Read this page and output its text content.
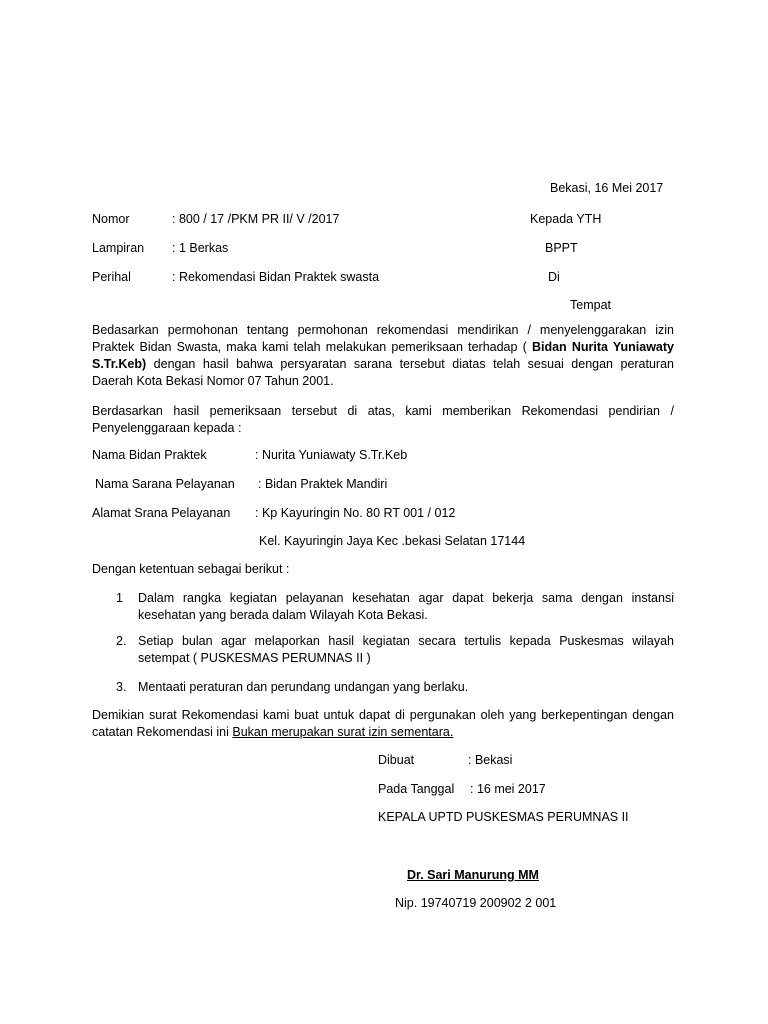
Bekasi, 16 Mei 2017
Nomor	: 800 / 17 /PKM PR II/ V /2017
Lampiran : 1 Berkas
Perihal	: Rekomendasi Bidan Praktek swasta
Kepada YTH
BPPT
Di
Tempat
Bedasarkan permohonan tentang permohonan rekomendasi mendirikan / menyelenggarakan izin Praktek Bidan Swasta, maka kami telah melakukan pemeriksaan terhadap ( Bidan Nurita Yuniawaty S.Tr.Keb) dengan hasil bahwa persyaratan sarana tersebut diatas telah sesuai dengan peraturan Daerah Kota Bekasi Nomor 07 Tahun 2001.
Berdasarkan hasil pemeriksaan tersebut di atas, kami memberikan Rekomendasi pendirian / Penyelenggaraan kepada :
Nama Bidan Praktek	: Nurita Yuniawaty S.Tr.Keb
Nama Sarana Pelayanan : Bidan Praktek Mandiri
Alamat Srana Pelayanan : Kp Kayuringin No. 80 RT 001 / 012
Kel. Kayuringin Jaya Kec .bekasi Selatan 17144
Dengan ketentuan sebagai berikut :
1 Dalam rangka kegiatan pelayanan kesehatan agar dapat bekerja sama dengan instansi kesehatan yang berada dalam Wilayah Kota Bekasi.
2. Setiap bulan agar melaporkan hasil kegiatan secara tertulis kepada Puskesmas wilayah setempat ( PUSKESMAS PERUMNAS II )
3. Mentaati peraturan dan perundang undangan yang berlaku.
Demikian surat Rekomendasi kami buat untuk dapat di pergunakan oleh yang berkepentingan dengan catatan Rekomendasi ini Bukan merupakan surat izin sementara.
Dibuat	: Bekasi
Pada Tanggal : 16 mei 2017
KEPALA UPTD PUSKESMAS PERUMNAS II
Dr. Sari Manurung MM
Nip. 19740719 200902 2 001
